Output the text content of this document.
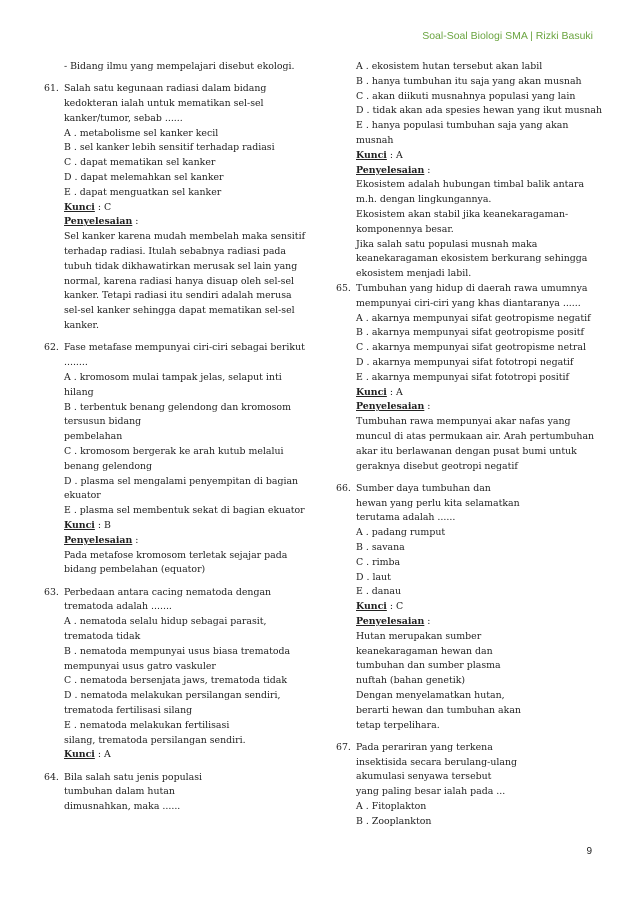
Soal-Soal Biologi SMA | Rizki Basuki
- Bidang ilmu yang mempelajari disebut ekologi.
61. Salah satu kegunaan radiasi dalam bidang
kedokteran ialah untuk mematikan sel-sel
kanker/tumor, sebab ......
A . metabolisme sel kanker kecil
B . sel kanker lebih sensitif terhadap radiasi
C . dapat mematikan sel kanker
D . dapat melemahkan sel kanker
E . dapat menguatkan sel kanker
Kunci : C
Penyelesaian :
Sel kanker karena mudah membelah maka sensitif
terhadap radiasi. Itulah sebabnya radiasi pada
tubuh tidak dikhawatirkan merusak sel lain yang
normal, karena radiasi hanya disuap oleh sel-sel
kanker. Tetapi radiasi itu sendiri adalah merusa
sel-sel kanker sehingga dapat mematikan sel-sel
kanker.
62. Fase metafase mempunyai ciri-ciri sebagai berikut
........
A . kromosom mulai tampak jelas, selaput inti
hilang
B . terbentuk benang gelendong dan kromosom
tersusun bidang
pembelahan
C . kromosom bergerak ke arah kutub melalui
benang gelendong
D . plasma sel mengalami penyempitan di bagian
ekuator
E . plasma sel membentuk sekat di bagian ekuator
Kunci : B
Penyelesaian :
Pada metafose kromosom terletak sejajar pada
bidang pembelahan (equator)
63. Perbedaan antara cacing nematoda dengan
trematoda adalah .......
A . nematoda selalu hidup sebagai parasit,
trematoda tidak
B . nematoda mempunyai usus biasa trematoda
mempunyai usus gatro vaskuler
C . nematoda bersenjata jaws, trematoda tidak
D . nematoda melakukan persilangan sendiri,
trematoda fertilisasi silang
E . nematoda melakukan fertilisasi
silang, trematoda persilangan sendiri.
Kunci : A
64. Bila salah satu jenis populasi
tumbuhan dalam hutan
dimusnahkan, maka ......
A . ekosistem hutan tersebut akan labil
B . hanya tumbuhan itu saja yang akan musnah
C . akan diikuti musnahnya populasi yang lain
D . tidak akan ada spesies hewan yang ikut musnah
E . hanya populasi tumbuhan saja yang akan
musnah
Kunci : A
Penyelesaian :
Ekosistem adalah hubungan timbal balik antara
m.h. dengan lingkungannya.
Ekosistem akan stabil jika keanekaragaman-
komponennya besar.
Jika salah satu populasi musnah maka
keanekaragaman ekosistem berkurang sehingga
ekosistem menjadi labil.
65. Tumbuhan yang hidup di daerah rawa umumnya
mempunyai ciri-ciri yang khas diantaranya ......
A . akarnya mempunyai sifat geotropisme negatif
B . akarnya mempunyai sifat geotropisme positf
C . akarnya mempunyai sifat geotropisme netral
D . akarnya mempunyai sifat fototropi negatif
E . akarnya mempunyai sifat fototropi positif
Kunci : A
Penyelesaian :
Tumbuhan rawa mempunyai akar nafas yang
muncul di atas permukaan air. Arah pertumbuhan
akar itu berlawanan dengan pusat bumi untuk
geraknya disebut geotropi negatif
66. Sumber daya tumbuhan dan
hewan yang perlu kita selamatkan
terutama adalah ......
A . padang rumput
B . savana
C . rimba
D . laut
E . danau
Kunci : C
Penyelesaian :
Hutan merupakan sumber
keanekaragaman hewan dan
tumbuhan dan sumber plasma
nuftah (bahan genetik)
Dengan menyelamatkan hutan,
berarti hewan dan tumbuhan akan
tetap terpelihara.
67. Pada perariran yang terkena
insektisida secara berulang-ulang
akumulasi senyawa tersebut
yang paling besar ialah pada ...
A . Fitoplakton
B . Zooplankton
9
